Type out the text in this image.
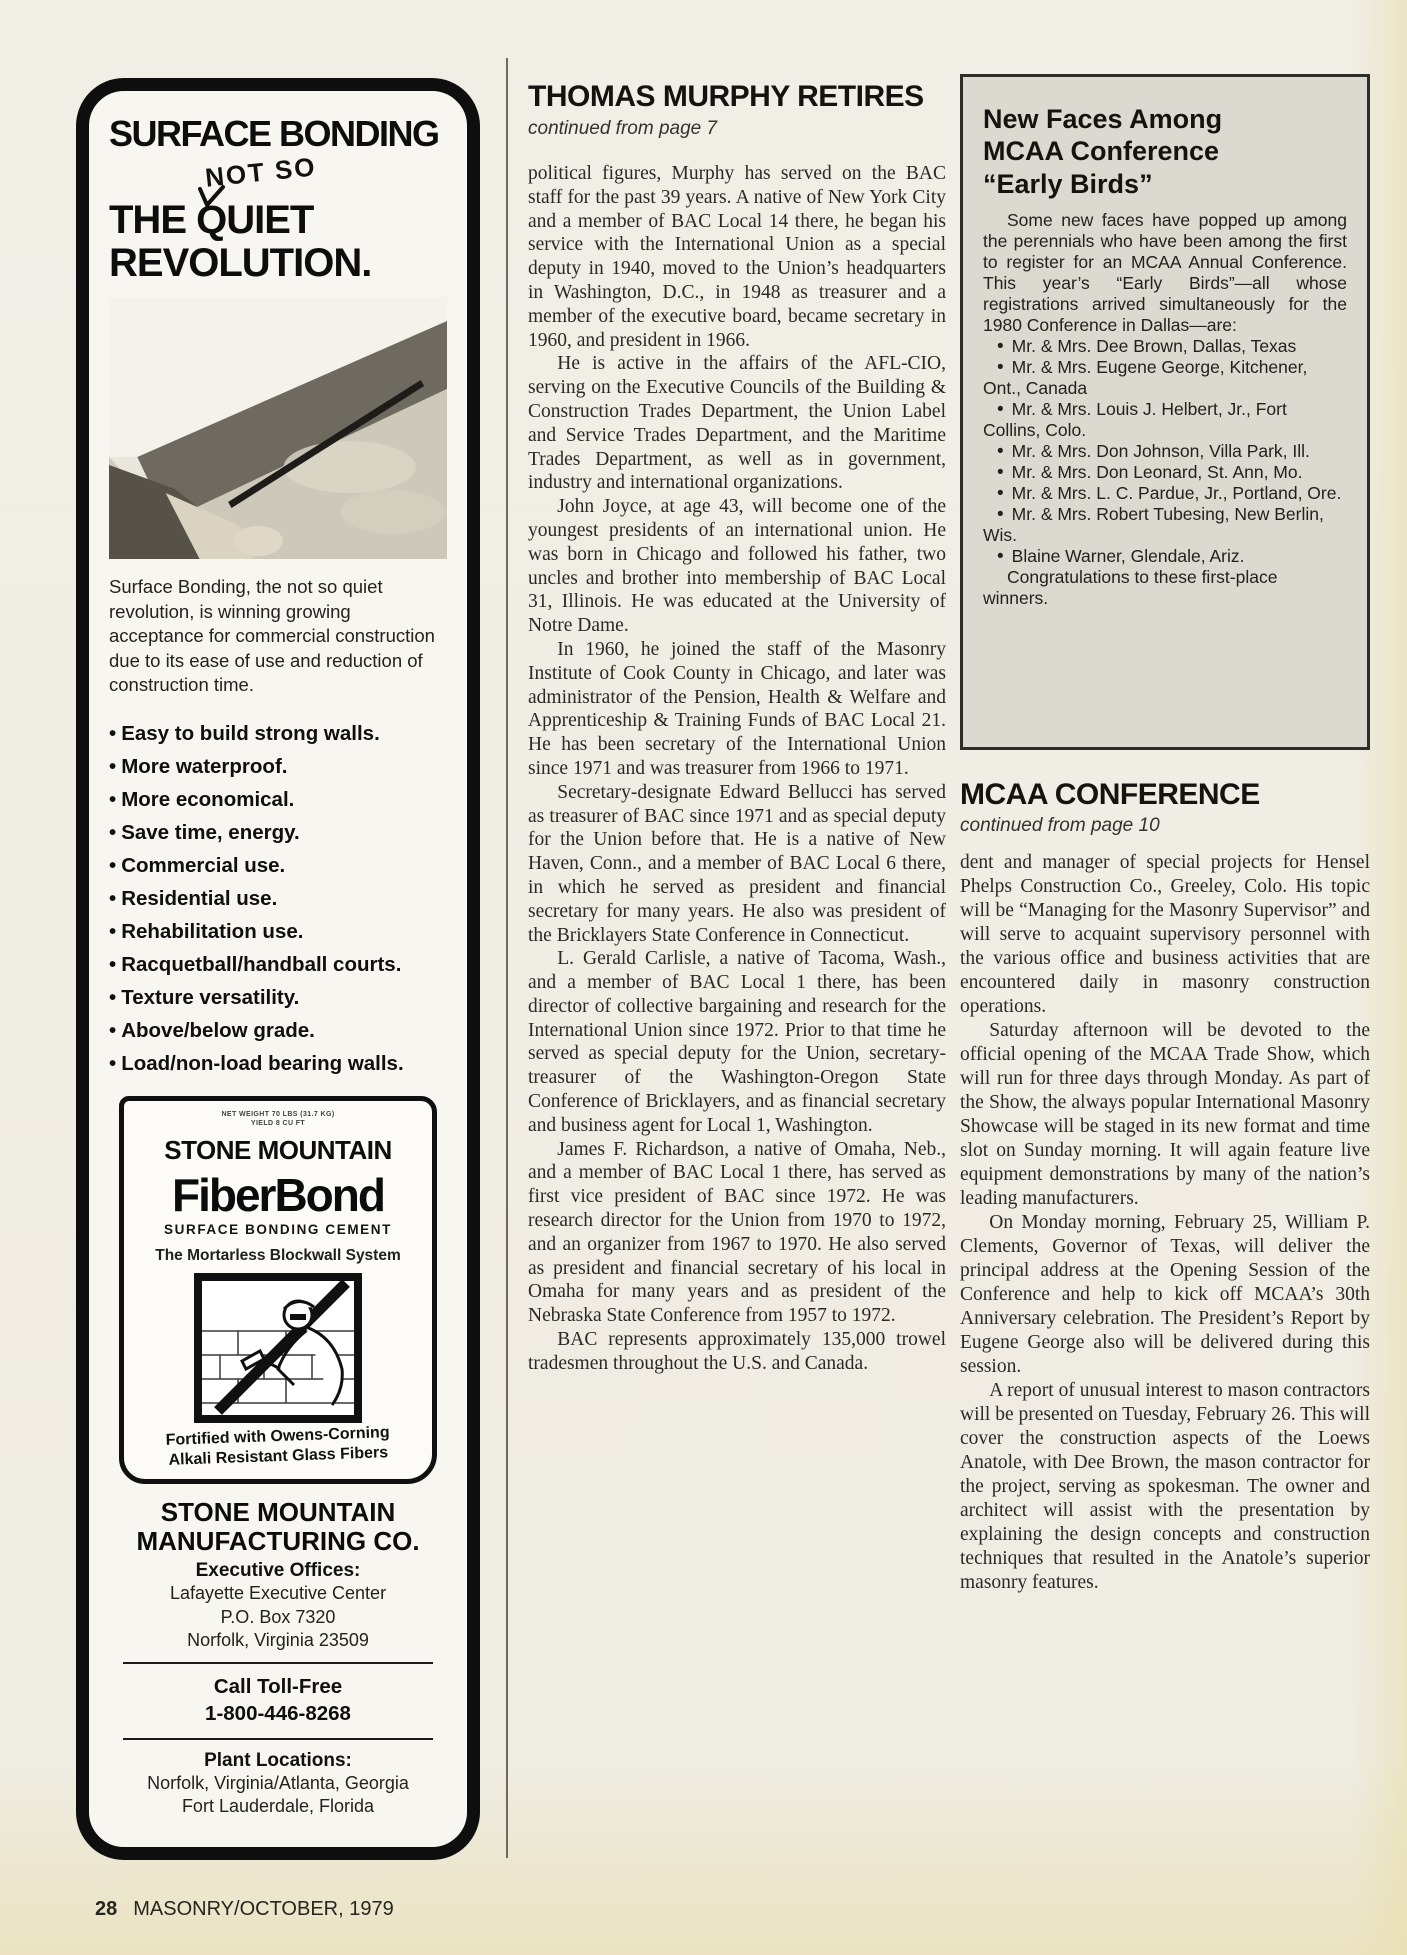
SURFACE BONDING
NOT SO
THE QUIET
REVOLUTION.
Surface Bonding, the not so quiet revolution, is winning growing acceptance for commercial construction due to its ease of use and reduction of construction time.
• Easy to build strong walls.
• More waterproof.
• More economical.
• Save time, energy.
• Commercial use.
• Residential use.
• Rehabilitation use.
• Racquetball/handball courts.
• Texture versatility.
• Above/below grade.
• Load/non-load bearing walls.
NET WEIGHT 70 LBS (31.7 KG)
YIELD 8 CU FT
STONE MOUNTAIN
FiberBond
SURFACE BONDING CEMENT
The Mortarless Blockwall System
Fortified with Owens-Corning
Alkali Resistant Glass Fibers
STONE MOUNTAIN
MANUFACTURING CO.
Executive Offices:
Lafayette Executive Center
P.O. Box 7320
Norfolk, Virginia 23509
Call Toll-Free
1-800-446-8268
Plant Locations:
Norfolk, Virginia/Atlanta, Georgia
Fort Lauderdale, Florida
THOMAS MURPHY RETIRES
continued from page 7

political figures, Murphy has served on the BAC staff for the past 39 years. A native of New York City and a member of BAC Local 14 there, he began his service with the International Union as a special deputy in 1940, moved to the Union’s headquarters in Washington, D.C., in 1948 as treasurer and a member of the executive board, became secretary in 1960, and president in 1966.

He is active in the affairs of the AFL-CIO, serving on the Executive Councils of the Building & Construction Trades Department, the Union Label and Service Trades Department, and the Maritime Trades Department, as well as in government, industry and international organizations.

John Joyce, at age 43, will become one of the youngest presidents of an international union. He was born in Chicago and followed his father, two uncles and brother into membership of BAC Local 31, Illinois. He was educated at the University of Notre Dame.

In 1960, he joined the staff of the Masonry Institute of Cook County in Chicago, and later was administrator of the Pension, Health & Welfare and Apprenticeship & Training Funds of BAC Local 21. He has been secretary of the International Union since 1971 and was treasurer from 1966 to 1971.

Secretary-designate Edward Bellucci has served as treasurer of BAC since 1971 and as special deputy for the Union before that. He is a native of New Haven, Conn., and a member of BAC Local 6 there, in which he served as president and financial secretary for many years. He also was president of the Bricklayers State Conference in Connecticut.

L. Gerald Carlisle, a native of Tacoma, Wash., and a member of BAC Local 1 there, has been director of collective bargaining and research for the International Union since 1972. Prior to that time he served as special deputy for the Union, secretary-treasurer of the Washington-Oregon State Conference of Bricklayers, and as financial secretary and business agent for Local 1, Washington.

James F. Richardson, a native of Omaha, Neb., and a member of BAC Local 1 there, has served as first vice president of BAC since 1972. He was research director for the Union from 1970 to 1972, and an organizer from 1967 to 1970. He also served as president and financial secretary of his local in Omaha for many years and as president of the Nebraska State Conference from 1957 to 1972.

BAC represents approximately 135,000 trowel tradesmen throughout the U.S. and Canada.

New Faces Among
MCAA Conference
“Early Birds”
Some new faces have popped up among the perennials who have been among the first to register for an MCAA Annual Conference. This year’s “Early Birds”—all whose registrations arrived simultaneously for the 1980 Conference in Dallas—are:
• Mr. & Mrs. Dee Brown, Dallas, Texas
• Mr. & Mrs. Eugene George, Kitchener, Ont., Canada
• Mr. & Mrs. Louis J. Helbert, Jr., Fort Collins, Colo.
• Mr. & Mrs. Don Johnson, Villa Park, Ill.
• Mr. & Mrs. Don Leonard, St. Ann, Mo.
• Mr. & Mrs. L. C. Pardue, Jr., Portland, Ore.
• Mr. & Mrs. Robert Tubesing, New Berlin, Wis.
• Blaine Warner, Glendale, Ariz.
Congratulations to these first-place winners.
MCAA CONFERENCE
continued from page 10

dent and manager of special projects for Hensel Phelps Construction Co., Greeley, Colo. His topic will be “Managing for the Masonry Supervisor” and will serve to acquaint supervisory personnel with the various office and business activities that are encountered daily in masonry construction operations.

Saturday afternoon will be devoted to the official opening of the MCAA Trade Show, which will run for three days through Monday. As part of the Show, the always popular International Masonry Showcase will be staged in its new format and time slot on Sunday morning. It will again feature live equipment demonstrations by many of the nation’s leading manufacturers.

On Monday morning, February 25, William P. Clements, Governor of Texas, will deliver the principal address at the Opening Session of the Conference and help to kick off MCAA’s 30th Anniversary celebration. The President’s Report by Eugene George also will be delivered during this session.

A report of unusual interest to mason contractors will be presented on Tuesday, February 26. This will cover the construction aspects of the Loews Anatole, with Dee Brown, the mason contractor for the project, serving as spokesman. The owner and architect will assist with the presentation by explaining the design concepts and construction techniques that resulted in the Anatole’s superior masonry features.

28 MASONRY/OCTOBER, 1979
